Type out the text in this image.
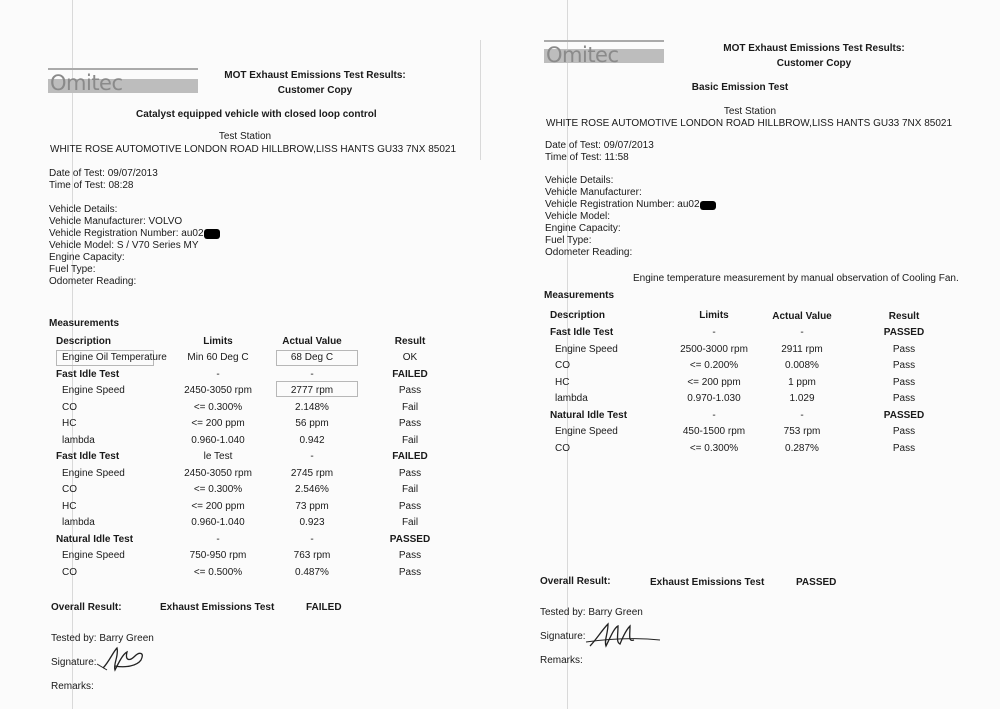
Omitec	MOT Exhaust Emissions Test Results:
Customer Copy
Catalyst equipped vehicle with closed loop control
Test Station
WHITE ROSE AUTOMOTIVE LONDON ROAD HILLBROW,LISS HANTS GU33 7NX 85021
Date of Test: 09/07/2013
Time of Test: 08:28
Vehicle Details:
Vehicle Manufacturer: VOLVO
Vehicle Registration Number: au02
Vehicle Model: S / V70 Series MY
Engine Capacity:
Fuel Type:
Odometer Reading:
Measurements
Description	Limits	Actual Value	Result
Engine Oil Temperature	Min 60 Deg C	68 Deg C	OK
Fast Idle Test	-	-	FAILED
Engine Speed	2450-3050 rpm	2777 rpm	Pass
CO	<= 0.300%	2.148%	Fail
HC	<= 200 ppm	56 ppm	Pass
lambda	0.960-1.040	0.942	Fail
Fast Idle Test	le Test	-	FAILED
Engine Speed	2450-3050 rpm	2745 rpm	Pass
CO	<= 0.300%	2.546%	Fail
HC	<= 200 ppm	73 ppm	Pass
lambda	0.960-1.040	0.923	Fail
Natural Idle Test	-	-	PASSED
Engine Speed	750-950 rpm	763 rpm	Pass
CO	<= 0.500%	0.487%	Pass
Overall Result:	Exhaust Emissions Test	FAILED
Tested by: Barry Green
Signature:
Remarks:
Omitec	MOT Exhaust Emissions Test Results:
Customer Copy
Basic Emission Test
Test Station
WHITE ROSE AUTOMOTIVE LONDON ROAD HILLBROW,LISS HANTS GU33 7NX 85021
Date of Test: 09/07/2013
Time of Test: 11:58
Vehicle Details:
Vehicle Manufacturer:
Vehicle Registration Number: au02
Vehicle Model:
Engine Capacity:
Fuel Type:
Odometer Reading:
Engine temperature measurement by manual observation of Cooling Fan.
Measurements
Description	Limits	Actual Value	Result
Fast Idle Test	-	-	PASSED
Engine Speed	2500-3000 rpm	2911 rpm	Pass
CO	<= 0.200%	0.008%	Pass
HC	<= 200 ppm	1 ppm	Pass
lambda	0.970-1.030	1.029	Pass
Natural Idle Test	-	-	PASSED
Engine Speed	450-1500 rpm	753 rpm	Pass
CO	<= 0.300%	0.287%	Pass
Overall Result:	Exhaust Emissions Test	PASSED
Tested by: Barry Green
Signature:
Remarks:
